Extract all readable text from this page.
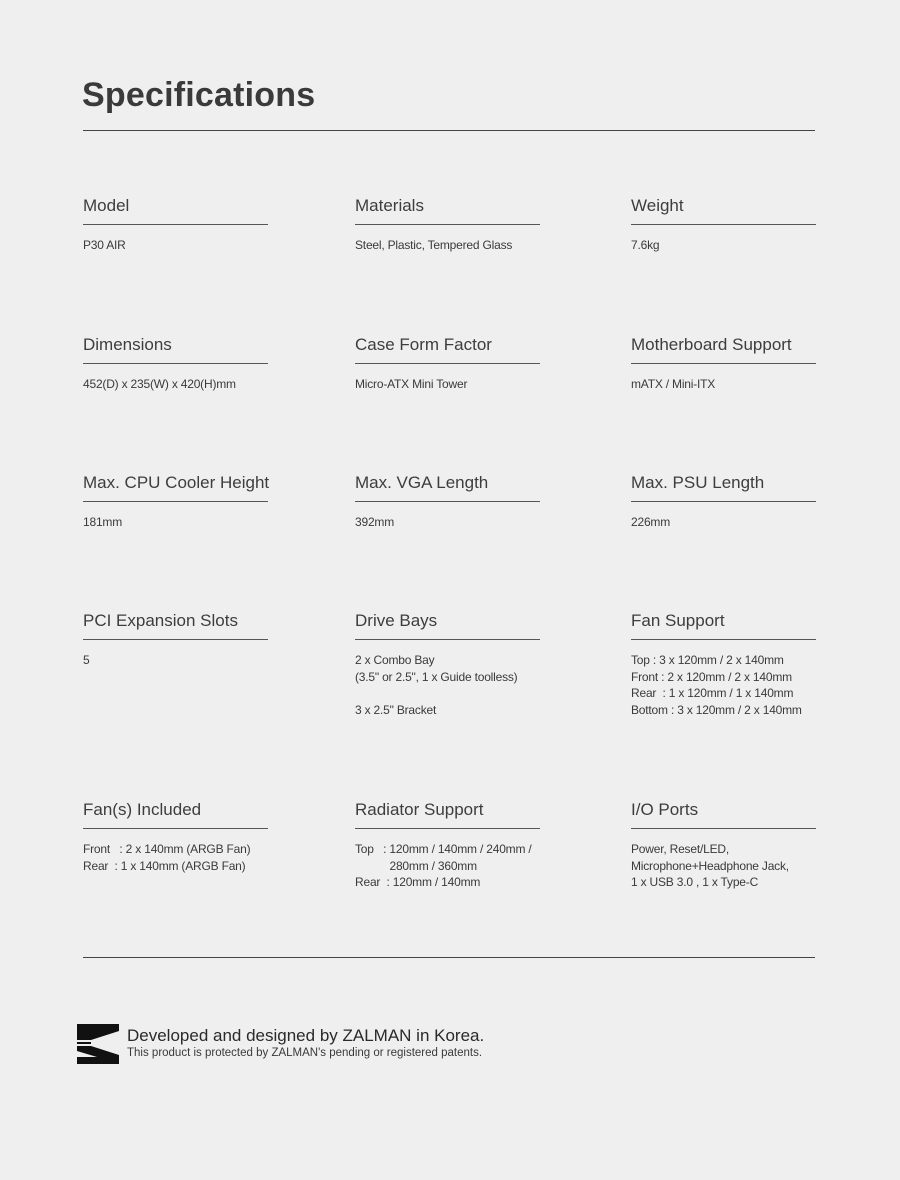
Specifications
Model
P30 AIR
Materials
Steel, Plastic, Tempered Glass
Weight
7.6kg
Dimensions
452(D) x 235(W) x 420(H)mm
Case Form Factor
Micro-ATX Mini Tower
Motherboard Support
mATX / Mini-ITX
Max. CPU Cooler Height
181mm
Max. VGA Length
392mm
Max. PSU Length
226mm
PCI Expansion Slots
5
Drive Bays
2 x Combo Bay
(3.5" or 2.5", 1 x Guide toolless)

3 x 2.5" Bracket
Fan Support
Top : 3 x 120mm / 2 x 140mm
Front : 2 x 120mm / 2 x 140mm
Rear  : 1 x 120mm / 1 x 140mm
Bottom : 3 x 120mm / 2 x 140mm
Fan(s) Included
Front   : 2 x 140mm (ARGB Fan)
Rear  : 1 x 140mm (ARGB Fan)
Radiator Support
Top   : 120mm / 140mm / 240mm /
280mm / 360mm
Rear  : 120mm / 140mm
I/O Ports
Power, Reset/LED,
Microphone+Headphone Jack,
1 x USB 3.0 , 1 x Type-C
Developed and designed by ZALMAN in Korea.
This product is protected by ZALMAN's pending or registered patents.
